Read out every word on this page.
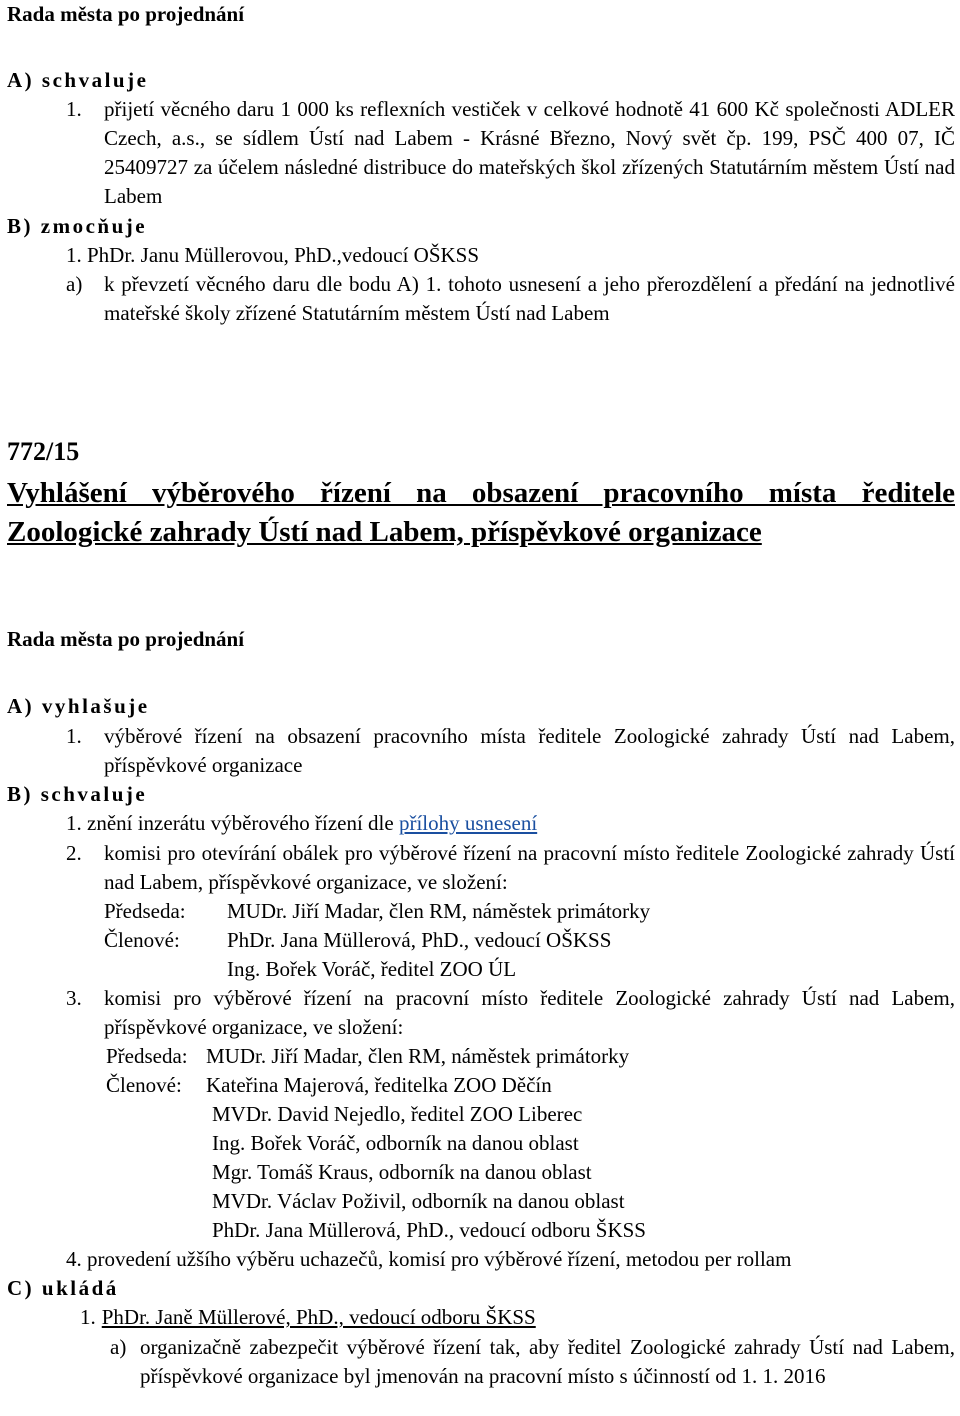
Rada města po projednání
A) schvaluje
1. přijetí věcného daru 1 000 ks reflexních vestiček v celkové hodnotě 41 600 Kč společnosti ADLER Czech, a.s., se sídlem Ústí nad Labem - Krásné Březno, Nový svět čp. 199, PSČ 400 07, IČ 25409727 za účelem následné distribuce do mateřských škol zřízených Statutárním městem Ústí nad Labem
B) zmocňuje
1. PhDr. Janu Müllerovou, PhD.,vedoucí OŠKSS
a) k převzetí věcného daru dle bodu A) 1. tohoto usnesení a jeho přerozdělení a předání na jednotlivé mateřské školy zřízené Statutárním městem Ústí nad Labem
772/15
Vyhlášení výběrového řízení na obsazení pracovního místa ředitele Zoologické zahrady Ústí nad Labem, příspěvkové organizace
Rada města po projednání
A) vyhlašuje
1. výběrové řízení na obsazení pracovního místa ředitele Zoologické zahrady Ústí nad Labem, příspěvkové organizace
B) schvaluje
1. znění inzerátu výběrového řízení dle přílohy usnesení
2. komisi pro otevírání obálek pro výběrové řízení na pracovní místo ředitele Zoologické zahrady Ústí nad Labem, příspěvkové organizace, ve složení:
Předseda: MUDr. Jiří Madar, člen RM, náměstek primátorky
Členové: PhDr. Jana Müllerová, PhD., vedoucí OŠKSS
Ing. Bořek Voráč, ředitel ZOO ÚL
3. komisi pro výběrové řízení na pracovní místo ředitele Zoologické zahrady Ústí nad Labem, příspěvkové organizace, ve složení:
Předseda: MUDr. Jiří Madar, člen RM, náměstek primátorky
Členové: Kateřina Majerová, ředitelka ZOO Děčín
MVDr. David Nejedlo, ředitel ZOO Liberec
Ing. Bořek Voráč, odborník na danou oblast
Mgr. Tomáš Kraus, odborník na danou oblast
MVDr. Václav Poživil, odborník na danou oblast
PhDr. Jana Müllerová, PhD., vedoucí odboru ŠKSS
4. provedení užšího výběru uchazečů, komisí pro výběrové řízení, metodou per rollam
C) ukládá
1. PhDr. Janě Müllerové, PhD., vedoucí odboru ŠKSS
a) organizačně zabezpečit výběrové řízení tak, aby ředitel Zoologické zahrady Ústí nad Labem, příspěvkové organizace byl jmenován na pracovní místo s účinností od 1. 1. 2016
